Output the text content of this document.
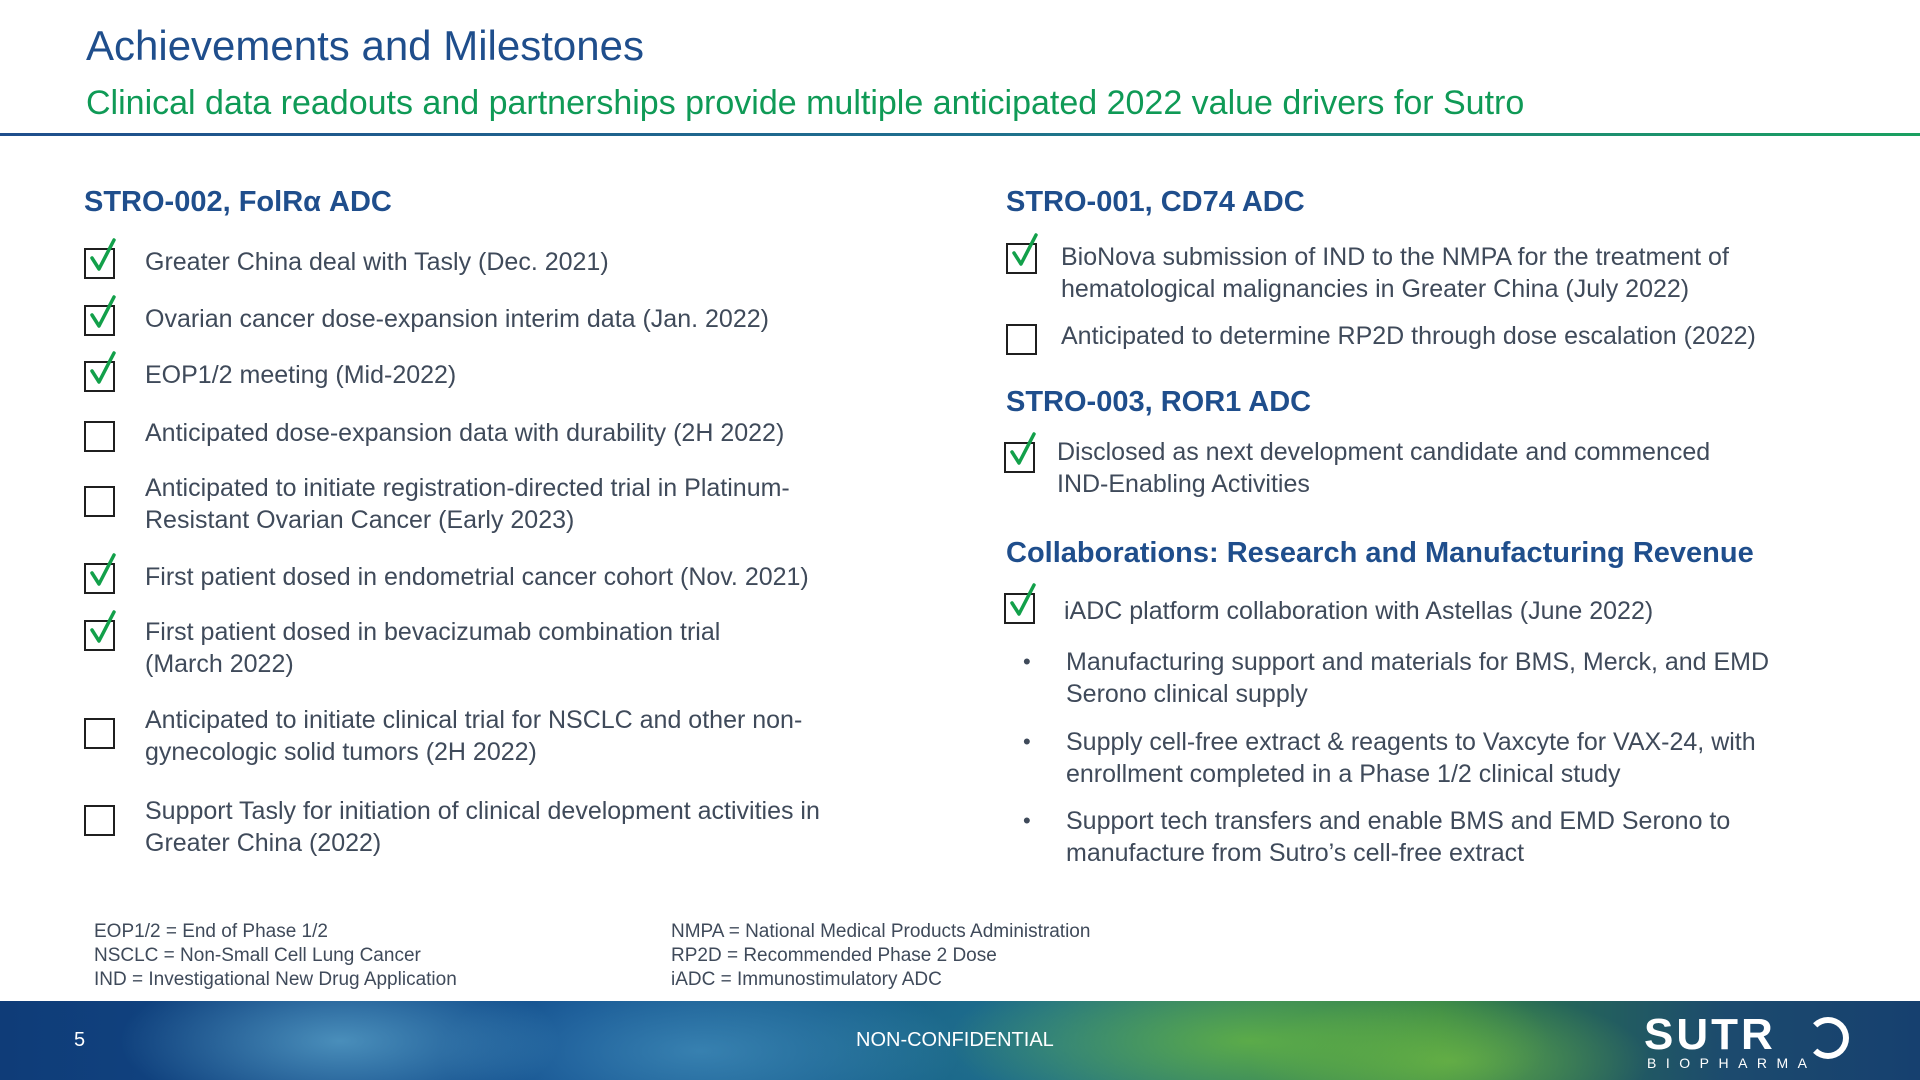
Achievements and Milestones
Clinical data readouts and partnerships provide multiple anticipated 2022 value drivers for Sutro
STRO-002, FolRα ADC
Greater China deal with Tasly (Dec. 2021)
Ovarian cancer dose-expansion interim data (Jan. 2022)
EOP1/2 meeting (Mid-2022)
Anticipated dose-expansion data with durability (2H 2022)
Anticipated to initiate registration-directed trial in Platinum-
Resistant Ovarian Cancer (Early 2023)
First patient dosed in endometrial cancer cohort (Nov. 2021)
First patient dosed in bevacizumab combination trial
(March 2022)
Anticipated to initiate clinical trial for NSCLC and other non-
gynecologic solid tumors (2H 2022)
Support Tasly for initiation of clinical development activities in
Greater China (2022)
STRO-001, CD74 ADC
BioNova submission of IND to the NMPA for the treatment of
hematological malignancies in Greater China (July 2022)
Anticipated to determine RP2D through dose escalation (2022)
STRO-003, ROR1 ADC
Disclosed as next development candidate and commenced
IND-Enabling Activities
Collaborations: Research and Manufacturing Revenue
iADC platform collaboration with Astellas (June 2022)
• Manufacturing support and materials for BMS, Merck, and EMD
Serono clinical supply
• Supply cell-free extract & reagents to Vaxcyte for VAX-24, with
enrollment completed in a Phase 1/2 clinical study
• Support tech transfers and enable BMS and EMD Serono to
manufacture from Sutro’s cell-free extract
EOP1/2 = End of Phase 1/2
NSCLC = Non-Small Cell Lung Cancer
IND = Investigational New Drug Application
NMPA = National Medical Products Administration
RP2D = Recommended Phase 2 Dose
iADC = Immunostimulatory ADC
5	NON-CONFIDENTIAL	SUTR
BIOPHARMA
